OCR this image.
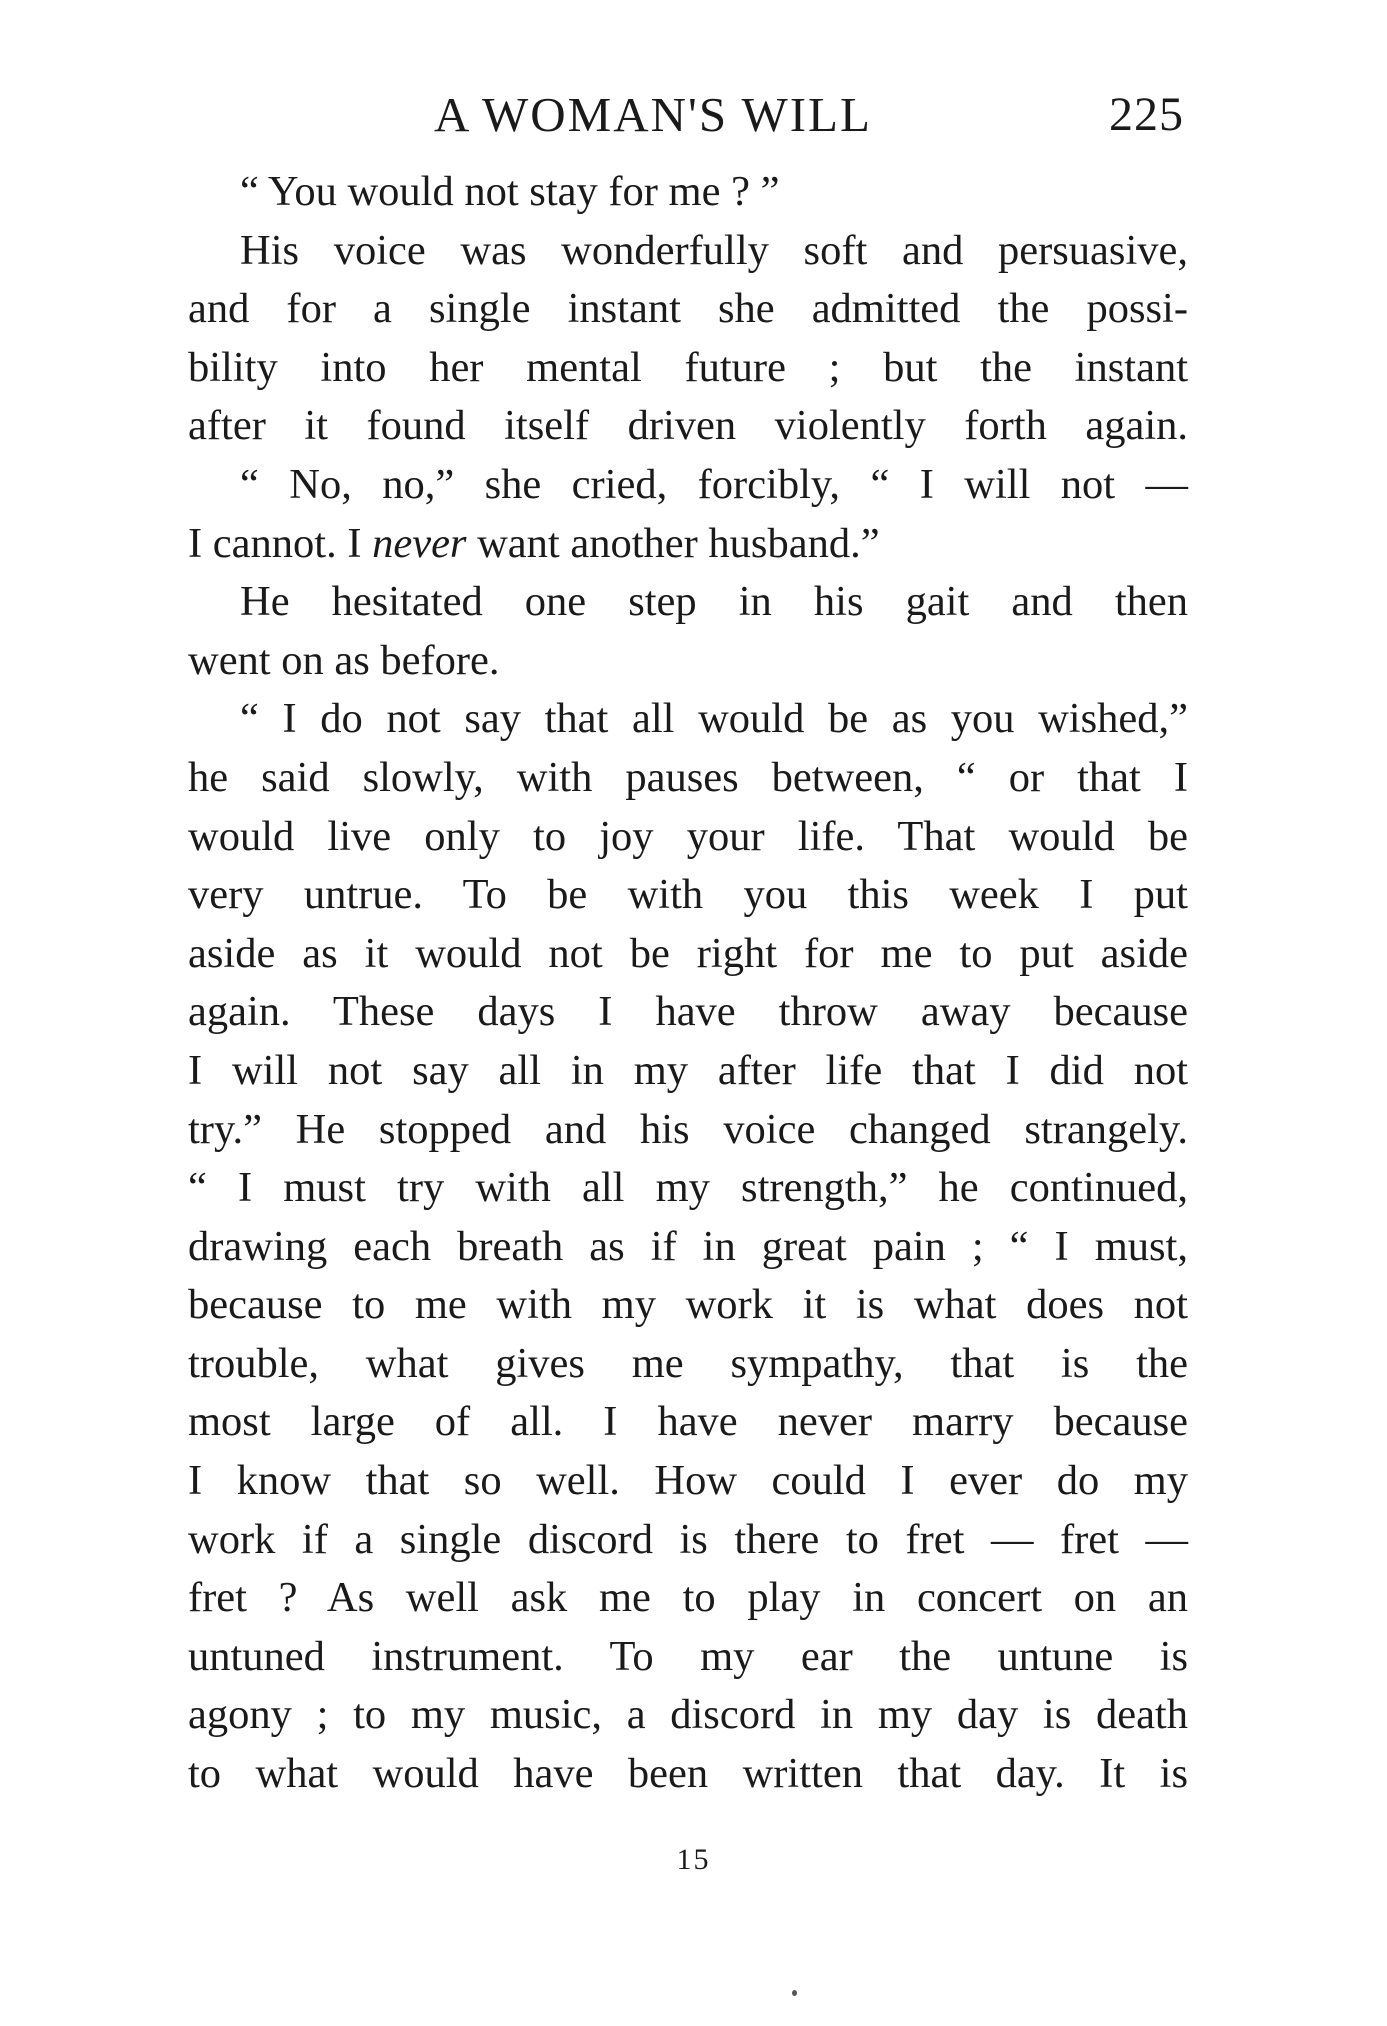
A WOMAN'S WILL	225
“ You would not stay for me ? ”
His voice was wonderfully soft and persuasive,
and for a single instant she admitted the possi-
bility into her mental future ; but the instant
after it found itself driven violently forth again.
“ No, no,” she cried, forcibly, “ I will not —
I cannot. I never want another husband.”
He hesitated one step in his gait and then
went on as before.
“ I do not say that all would be as you wished,”
he said slowly, with pauses between, “ or that I
would live only to joy your life. That would be
very untrue. To be with you this week I put
aside as it would not be right for me to put aside
again. These days I have throw away because
I will not say all in my after life that I did not
try.” He stopped and his voice changed strangely.
“ I must try with all my strength,” he continued,
drawing each breath as if in great pain ; “ I must,
because to me with my work it is what does not
trouble, what gives me sympathy, that is the
most large of all. I have never marry because
I know that so well. How could I ever do my
work if a single discord is there to fret — fret —
fret ? As well ask me to play in concert on an
untuned instrument. To my ear the untune is
agony ; to my music, a discord in my day is death
to what would have been written that day. It is
15
